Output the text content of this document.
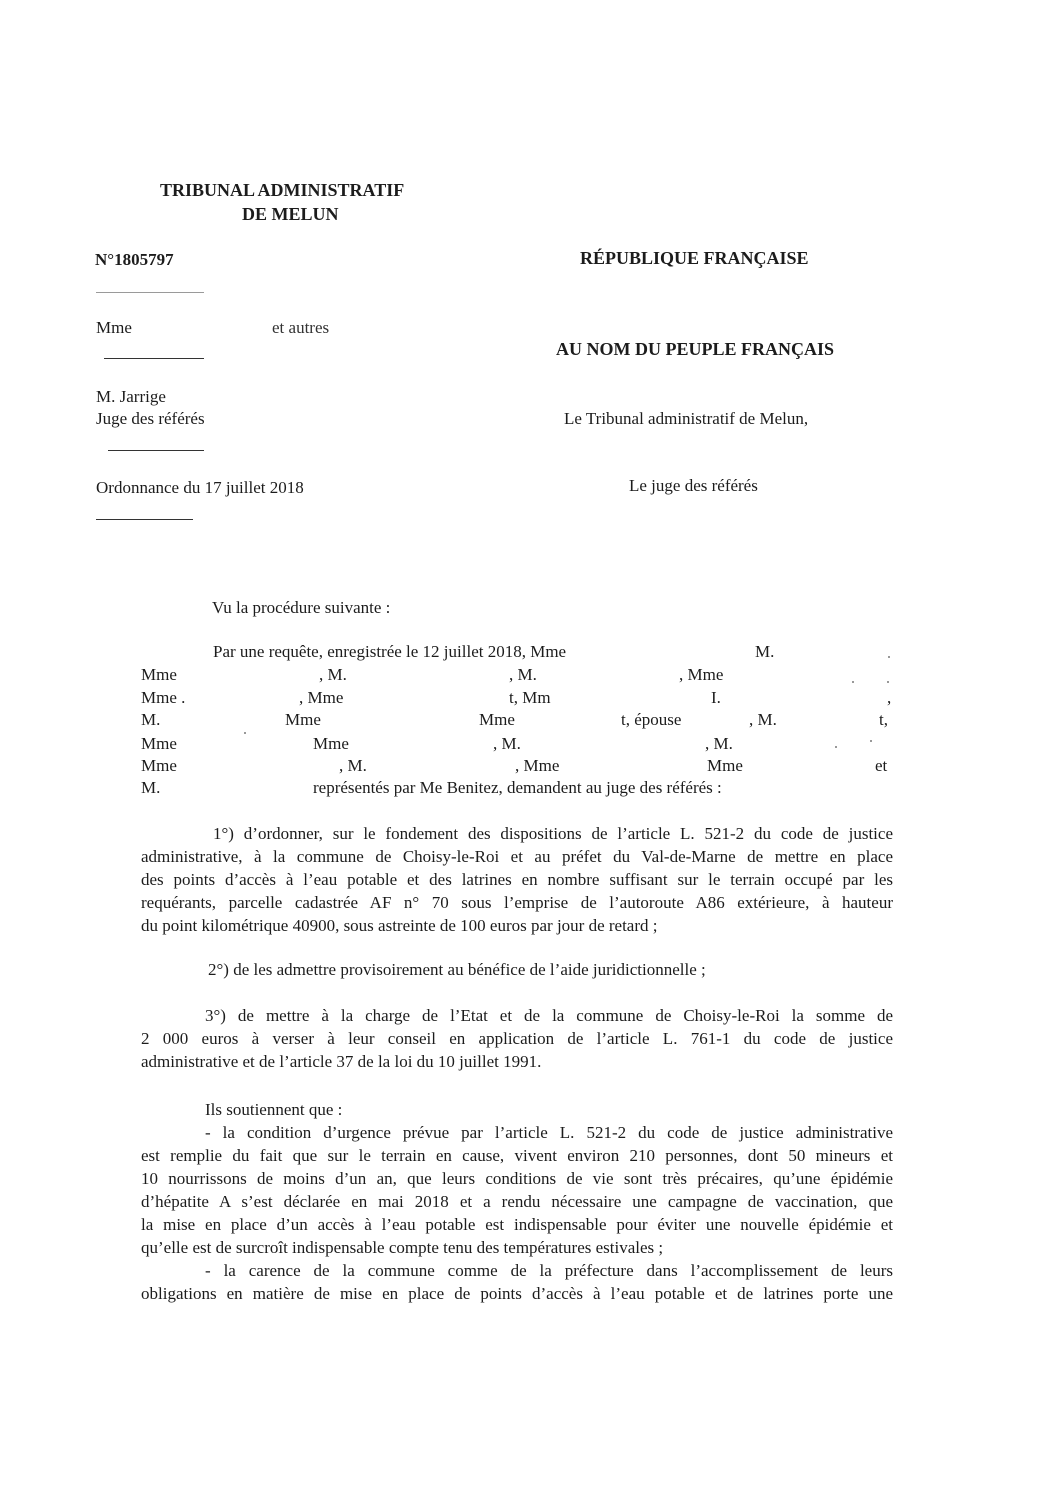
TRIBUNAL ADMINISTRATIF
DE MELUN
N°1805797	RÉPUBLIQUE FRANÇAISE
Mme	et autres
AU NOM DU PEUPLE FRANÇAIS
M. Jarrige
Juge des référés	Le Tribunal administratif de Melun,
Ordonnance du 17 juillet 2018	Le juge des référés
Vu la procédure suivante :
Par une requête, enregistrée le 12 juillet 2018, Mme	M.
Mme	, M.	, M.	, Mme
Mme .	, Mme	t, Mm	I.	,
M.	Mme	Mme	t, épouse	, M.	t,
Mme	Mme	, M.	, M.
Mme	, M.	, Mme	Mme	et
M.	représentés par Me Benitez, demandent au juge des référés :
1°) d’ordonner, sur le fondement des dispositions de l’article L. 521-2 du code de justice
administrative, à la commune de Choisy-le-Roi et au préfet du Val-de-Marne de mettre en place
des points d’accès à l’eau potable et des latrines en nombre suffisant sur le terrain occupé par les
requérants, parcelle cadastrée AF n° 70 sous l’emprise de l’autoroute A86 extérieure, à hauteur
du point kilométrique 40900, sous astreinte de 100 euros par jour de retard ;
2°) de les admettre provisoirement au bénéfice de l’aide juridictionnelle ;
3°) de mettre à la charge de l’Etat et de la commune de Choisy-le-Roi la somme de
2 000 euros à verser à leur conseil en application de l’article L. 761-1 du code de justice
administrative et de l’article 37 de la loi du 10 juillet 1991.
Ils soutiennent que :
- la condition d’urgence prévue par l’article L. 521-2 du code de justice administrative
est remplie du fait que sur le terrain en cause, vivent environ 210 personnes, dont 50 mineurs et
10 nourrissons de moins d’un an, que leurs conditions de vie sont très précaires, qu’une épidémie
d’hépatite A s’est déclarée en mai 2018 et a rendu nécessaire une campagne de vaccination, que
la mise en place d’un accès à l’eau potable est indispensable pour éviter une nouvelle épidémie et
qu’elle est de surcroît indispensable compte tenu des températures estivales ;
- la carence de la commune comme de la préfecture dans l’accomplissement de leurs
obligations en matière de mise en place de points d’accès à l’eau potable et de latrines porte une
